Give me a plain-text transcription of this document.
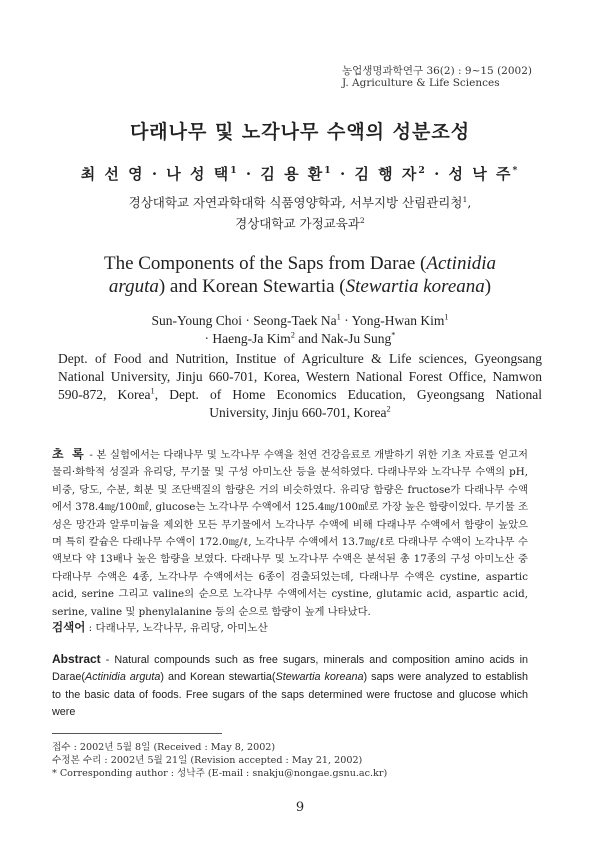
농업생명과학연구 36(2) : 9~15 (2002)
J. Agriculture & Life Sciences
다래나무 및 노각나무 수액의 성분조성
최 선 영 · 나 성 택$^1$ · 김 용 환$^1$ · 김 행 자$^2$ · 성 낙 주*
경상대학교 자연과학대학 식품영양학과, 서부지방 산림관리청$^1$,
경상대학교 가정교육과$^2$
The Components of the Saps from Darae (Actinidia arguta) and Korean Stewartia (Stewartia koreana)
Sun-Young Choi · Seong-Taek $Na^1$ · Yong-Hwan Kim$^1$
· Haeng-Ja Kim$^2$ and Nak-Ju Sung*
Dept. of Food and Nutrition, Institue of Agriculture & Life sciences, Gyeongsang National University, Jinju 660-701, Korea, Western National Forest Office, Namwon 590-872, Korea$^1$, Dept. of Home Economics Education, Gyeongsang National University, Jinju 660-701, Korea$^2$
초 록 - 본 실험에서는 다래나무 및 노각나무 수액을 천연 건강음료로 개발하기 위한 기초 자료를 얻고저 물리·화학적 성질과 유리당, 무기물 및 구성 아미노산 등을 분석하였다. 다래나무와 노각나무 수액의 pH, 비중, 당도, 수분, 회분 및 조단백질의 함량은 거의 비슷하였다. 유리당 함량은 fructose가 다래나무 수액에서 378.4㎎/100㎖, glucose는 노각나무 수액에서 125.4㎎/100㎖로 가장 높은 함량이었다. 무기물 조성은 망간과 알루미늄을 제외한 모든 무기물에서 노각나무 수액에 비해 다래나무 수액에서 함량이 높았으며 특히 칼슘은 다래나무 수액이 172.0㎎/ℓ, 노각나무 수액에서 13.7㎎/ℓ로 다래나무 수액이 노각나무 수액보다 약 13배나 높은 함량을 보였다. 다래나무 및 노각나무 수액은 분석된 총 17종의 구성 아미노산 중 다래나무 수액은 4종, 노각나무 수액에서는 6종이 검출되었는데, 다래나무 수액은 cystine, aspartic acid, serine 그리고 valine의 순으로 노각나무 수액에서는 cystine, glutamic acid, aspartic acid, serine, valine 및 phenylalanine 등의 순으로 함량이 높게 나타났다.
검색어 : 다래나무, 노각나무, 유리당, 아미노산
Abstract - Natural compounds such as free sugars, minerals and composition amino acids in Darae(Actinidia arguta) and Korean stewartia(Stewartia koreana) saps were analyzed to establish to the basic data of foods. Free sugars of the saps determined were fructose and glucose which were
접수 : 2002년 5월 8일 (Received : May 8, 2002)
수정본 수리 : 2002년 5월 21일 (Revision accepted : May 21, 2002)
* Corresponding author : 성낙주 (E-mail : snakju@nongae.gsnu.ac.kr)
9
